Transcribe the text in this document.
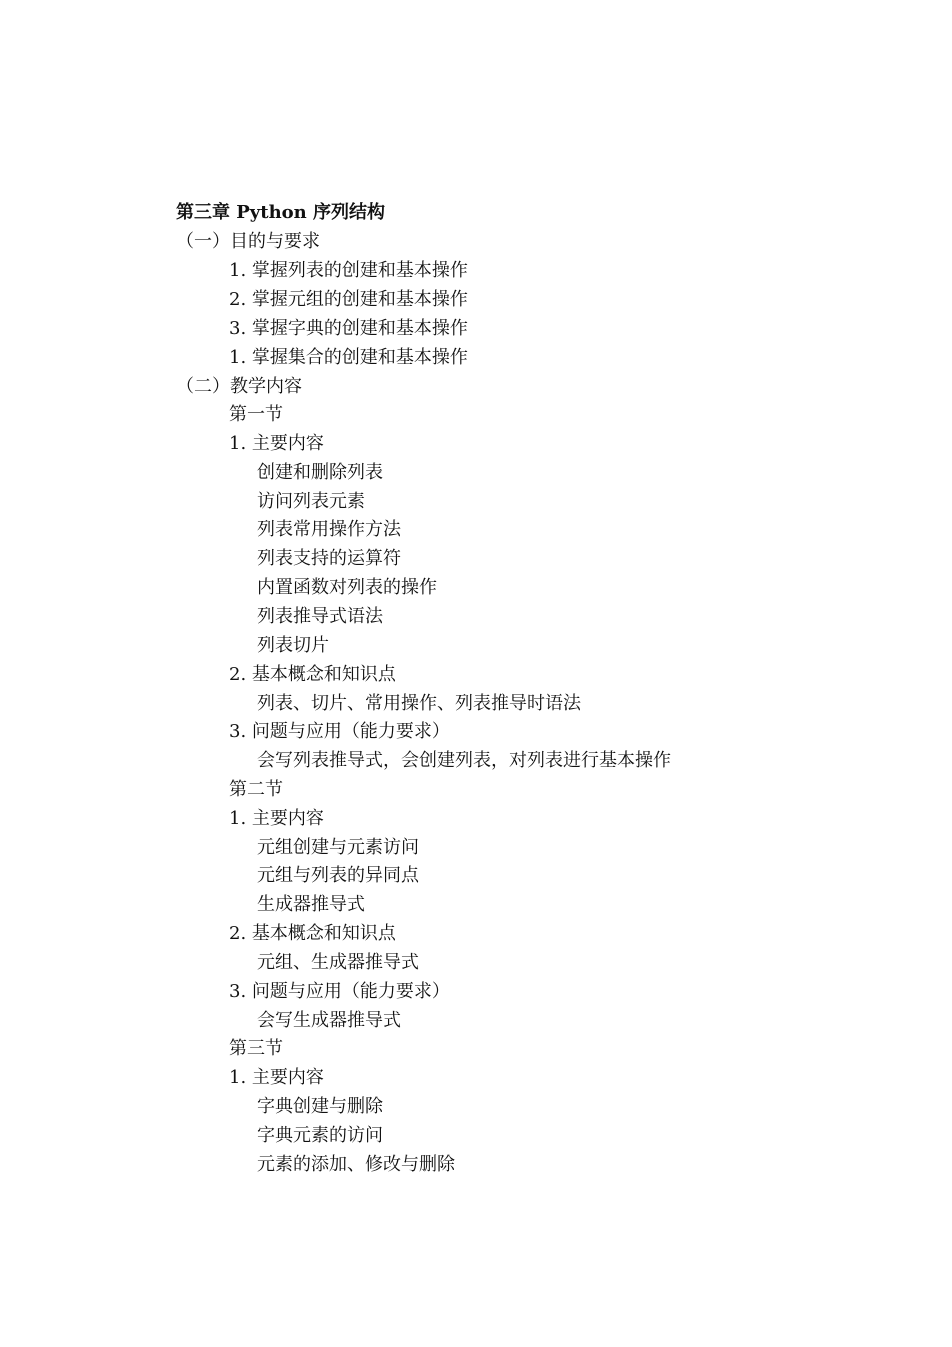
第三章 Python 序列结构
（一）目的与要求
1. 掌握列表的创建和基本操作
2. 掌握元组的创建和基本操作
3. 掌握字典的创建和基本操作
1. 掌握集合的创建和基本操作
（二）教学内容
第一节
1. 主要内容
创建和删除列表
访问列表元素
列表常用操作方法
列表支持的运算符
内置函数对列表的操作
列表推导式语法
列表切片
2. 基本概念和知识点
列表、切片、常用操作、列表推导时语法
3. 问题与应用（能力要求）
会写列表推导式，会创建列表，对列表进行基本操作
第二节
1. 主要内容
元组创建与元素访问
元组与列表的异同点
生成器推导式
2. 基本概念和知识点
元组、生成器推导式
3. 问题与应用（能力要求）
会写生成器推导式
第三节
1. 主要内容
字典创建与删除
字典元素的访问
元素的添加、修改与删除
